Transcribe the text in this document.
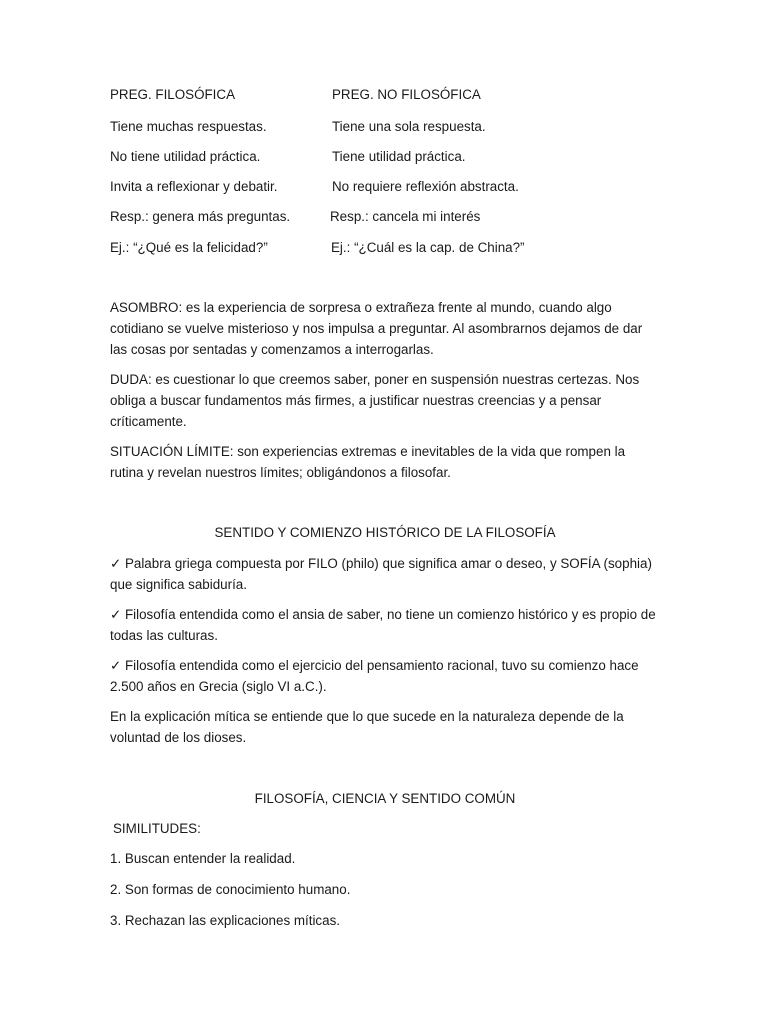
PREG. FILOSÓFICA	PREG. NO FILOSÓFICA
Tiene muchas respuestas.	Tiene una sola respuesta.
No tiene utilidad práctica.	Tiene utilidad práctica.
Invita a reflexionar y debatir.	No requiere reflexión abstracta.
Resp.: genera más preguntas.	Resp.: cancela mi interés
Ej.: “¿Qué es la felicidad?”	Ej.: “¿Cuál es la cap. de China?”

ASOMBRO: es la experiencia de sorpresa o extrañeza frente al mundo, cuando algo cotidiano se vuelve misterioso y nos impulsa a preguntar. Al asombrarnos dejamos de dar las cosas por sentadas y comenzamos a interrogarlas.

DUDA: es cuestionar lo que creemos saber, poner en suspensión nuestras certezas. Nos obliga a buscar fundamentos más firmes, a justificar nuestras creencias y a pensar críticamente.

SITUACIÓN LÍMITE: son experiencias extremas e inevitables de la vida que rompen la rutina y revelan nuestros límites; obligándonos a filosofar.

SENTIDO Y COMIENZO HISTÓRICO DE LA FILOSOFÍA

✓ Palabra griega compuesta por FILO (philo) que significa amar o deseo, y SOFÍA (sophia) que significa sabiduría.

✓ Filosofía entendida como el ansia de saber, no tiene un comienzo histórico y es propio de todas las culturas.

✓ Filosofía entendida como el ejercicio del pensamiento racional, tuvo su comienzo hace 2.500 años en Grecia (siglo VI a.C.).

En la explicación mítica se entiende que lo que sucede en la naturaleza depende de la voluntad de los dioses.

FILOSOFÍA, CIENCIA Y SENTIDO COMÚN

SIMILITUDES:

1. Buscan entender la realidad.

2. Son formas de conocimiento humano.

3. Rechazan las explicaciones míticas.
